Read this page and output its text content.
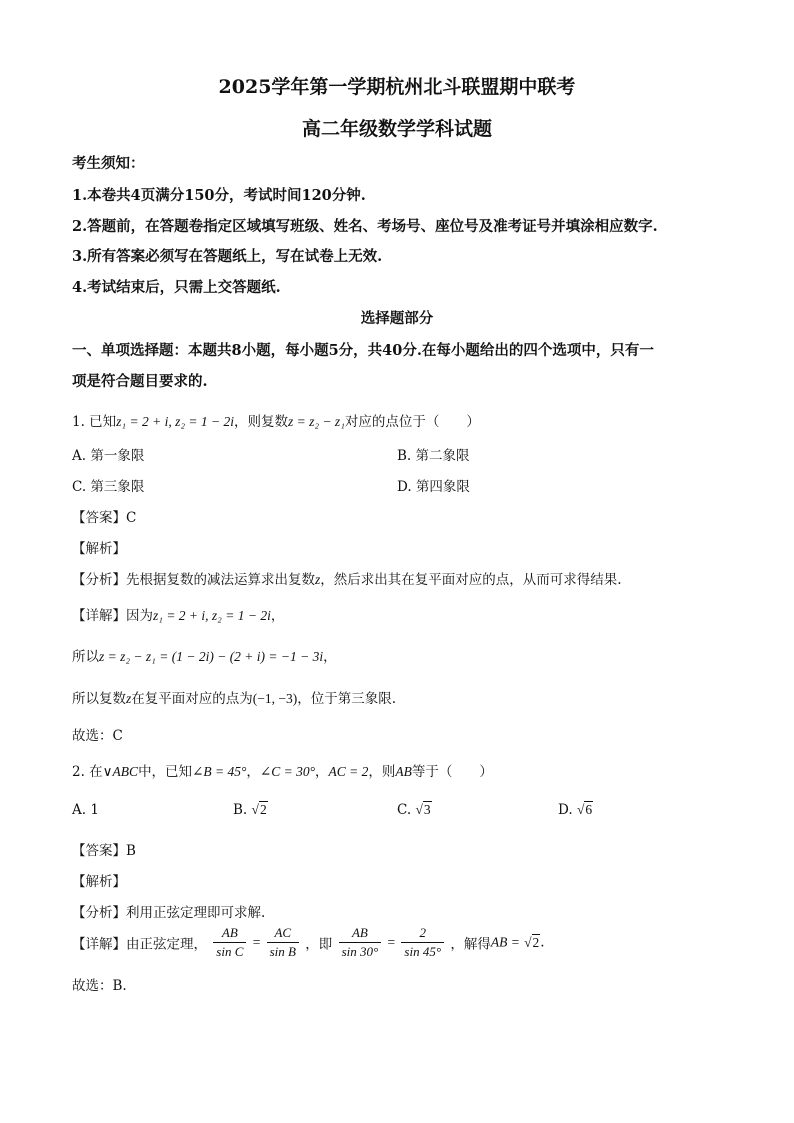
2025学年第一学期杭州北斗联盟期中联考
高二年级数学学科试题
考生须知：
1.本卷共4页满分150分，考试时间120分钟.
2.答题前，在答题卷指定区域填写班级、姓名、考场号、座位号及准考证号并填涂相应数字.
3.所有答案必须写在答题纸上，写在试卷上无效.
4.考试结束后，只需上交答题纸.
选择题部分
一、单项选择题：本题共8小题，每小题5分，共40分.在每小题给出的四个选项中，只有一
项是符合题目要求的.
1. 已知z₁ = 2 + i, z₂ = 1 − 2i，则复数z = z₂ − z₁对应的点位于（　　）
A. 第一象限	B. 第二象限
C. 第三象限	D. 第四象限
【答案】C
【解析】
【分析】先根据复数的减法运算求出复数z，然后求出其在复平面对应的点，从而可求得结果.
【详解】因为z₁ = 2 + i, z₂ = 1 − 2i，
所以z = z₂ − z₁ = (1 − 2i) − (2 + i) = −1 − 3i，
所以复数z在复平面对应的点为(−1, −3)，位于第三象限.
故选：C
2. 在∨ABC中，已知∠B = 45°，∠C = 30°，AC = 2，则AB等于（　　）
A. 1	B. √2	C. √3	D. √6
【答案】B
【解析】
【分析】利用正弦定理即可求解.
【详解】由正弦定理， $\frac{AB}{\text{sin C}} = \frac{AC}{\text{sin B}}$ ，即 $\frac{AB}{\sin 30^\circ} = \frac{2}{\sin 45^\circ}$ ，解得AB = √2.
故选：B.
